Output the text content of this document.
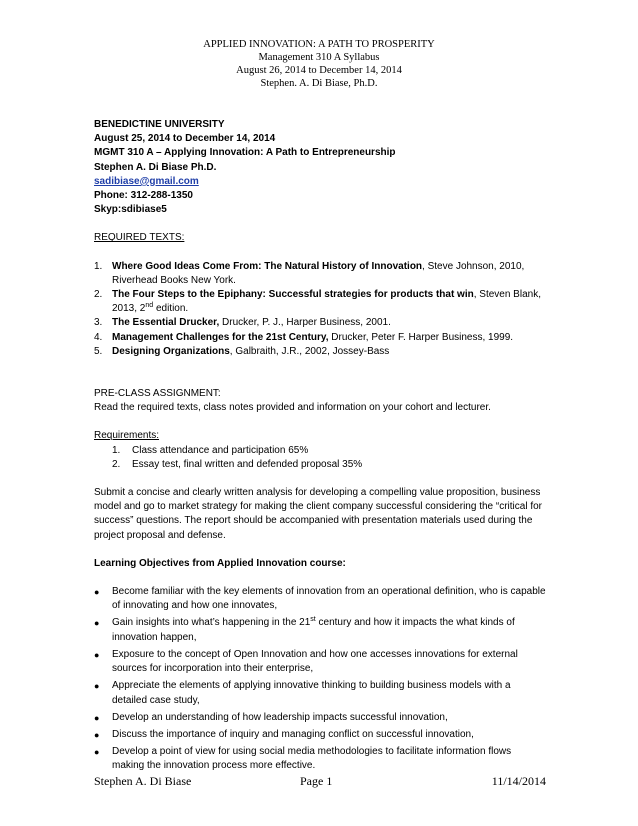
APPLIED INNOVATION: A PATH TO PROSPERITY
Management 310 A Syllabus
August 26, 2014 to December 14, 2014
Stephen. A. Di Biase, Ph.D.
BENEDICTINE UNIVERSITY
August 25, 2014 to December 14, 2014
MGMT 310 A – Applying Innovation: A Path to Entrepreneurship
Stephen A. Di Biase Ph.D.
sadibiase@gmail.com
Phone: 312-288-1350
Skyp:sdibiase5
REQUIRED TEXTS:
1. Where Good Ideas Come From: The Natural History of Innovation, Steve Johnson, 2010, Riverhead Books New York.
2. The Four Steps to the Epiphany: Successful strategies for products that win, Steven Blank, 2013, 2nd edition.
3. The Essential Drucker, Drucker, P. J., Harper Business, 2001.
4. Management Challenges for the 21st Century, Drucker, Peter F. Harper Business, 1999.
5. Designing Organizations, Galbraith, J.R., 2002, Jossey-Bass
PRE-CLASS ASSIGNMENT:
Read the required texts, class notes provided and information on your cohort and lecturer.
Requirements:
1. Class attendance and participation 65%
2. Essay test, final written and defended proposal 35%
Submit a concise and clearly written analysis for developing a compelling value proposition, business model and go to market strategy for making the client company successful considering the “critical for success” questions. The report should be accompanied with presentation materials used during the project proposal and defense.
Learning Objectives from Applied Innovation course:
● Become familiar with the key elements of innovation from an operational definition, who is capable of innovating and how one innovates,
● Gain insights into what’s happening in the 21st century and how it impacts the what kinds of innovation happen,
● Exposure to the concept of Open Innovation and how one accesses innovations for external sources for incorporation into their enterprise,
● Appreciate the elements of applying innovative thinking to building business models with a detailed case study,
● Develop an understanding of how leadership impacts successful innovation,
● Discuss the importance of inquiry and managing conflict on successful innovation,
● Develop a point of view for using social media methodologies to facilitate information flows making the innovation process more effective.
Stephen A. Di Biase	Page 1	11/14/2014
